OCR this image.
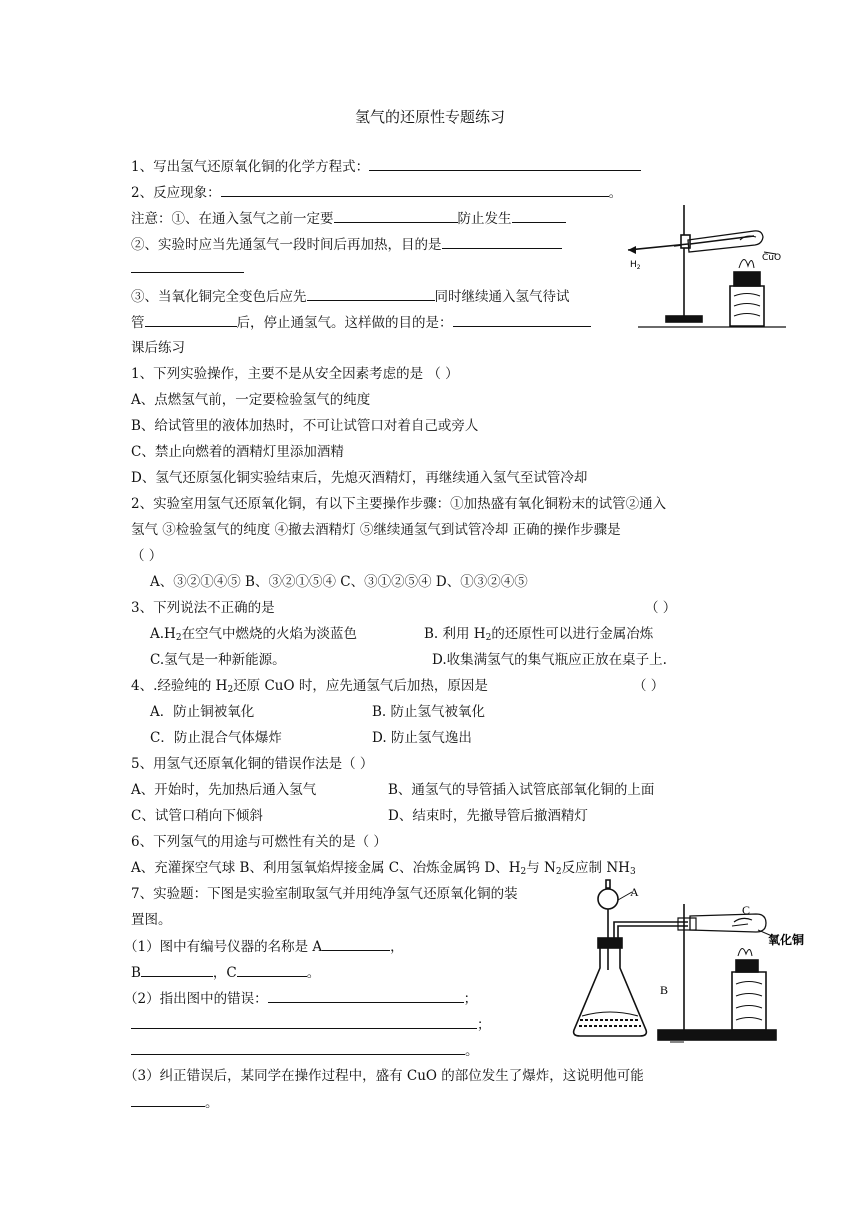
氢气的还原性专题练习
1、写出氢气还原氧化铜的化学方程式：
2、反应现象：	。
注意：①、在通入氢气之前一定要	防止发生
②、实验时应当先通氢气一段时间后再加热，目的是
③、当氧化铜完全变色后应先	同时继续通入氢气待试
管	后，停止通氢气。这样做的目的是：
课后练习
$H_2$
CuO
1、下列实验操作，主要不是从安全因素考虑的是 （ ）
A、点燃氢气前，一定要检验氢气的纯度
B、给试管里的液体加热时，不可让试管口对着自己或旁人
C、禁止向燃着的酒精灯里添加酒精
D、氢气还原氢化铜实验结束后，先熄灭酒精灯，再继续通入氢气至试管冷却
2、实验室用氢气还原氧化铜，有以下主要操作步骤：①加热盛有氧化铜粉末的试管②通入
氢气 ③检验氢气的纯度 ④撤去酒精灯 ⑤继续通氢气到试管冷却 正确的操作步骤是
（ ）
A、③②①④⑤ B、③②①⑤④ C、③①②⑤④ D、①③②④⑤
3、下列说法不正确的是	（ ）
$A.H_2$在空气中燃烧的火焰为淡蓝色	B. 利用 $H_2$的还原性可以进行金属冶炼
C.氢气是一种新能源。	D.收集满氢气的集气瓶应正放在桌子上.
4、.经验纯的 $H_2$还原 CuO 时，应先通氢气后加热，原因是	（ ）
A．防止铜被氧化	B. 防止氢气被氧化
C．防止混合气体爆炸	D. 防止氢气逸出
5、用氢气还原氧化铜的错误作法是（ ）
A、开始时，先加热后通入氢气	B、通氢气的导管插入试管底部氧化铜的上面
C、试管口稍向下倾斜	D、结束时，先撤导管后撤酒精灯
6、下列氢气的用途与可燃性有关的是（ ）
A、充灌探空气球 B、利用氢氧焰焊接金属 C、冶炼金属钨 D、$H_2$与 $N_2$反应制 $NH_3$
7、实验题：下图是实验室制取氢气并用纯净氢气还原氧化铜的装
置图。
（1）图中有编号仪器的名称是 A	，
B	，C	。
（2）指出图中的错误：	；
；
。
（3）纠正错误后，某同学在操作过程中，盛有 CuO 的部位发生了爆炸，这说明他可能
。
A
B
C
氧化铜
